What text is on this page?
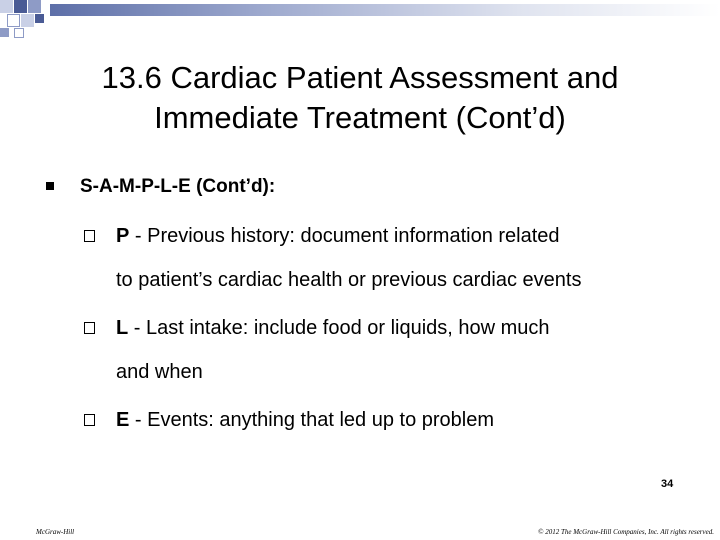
13.6 Cardiac Patient Assessment and
Immediate Treatment (Cont’d)
S-A-M-P-L-E (Cont’d):
P - Previous history: document information related
to patient’s cardiac health or previous cardiac events
L - Last intake: include food or liquids, how much
and when
E - Events: anything that led up to problem
34
McGraw-Hill	© 2012 The McGraw-Hill Companies, Inc. All rights reserved.
